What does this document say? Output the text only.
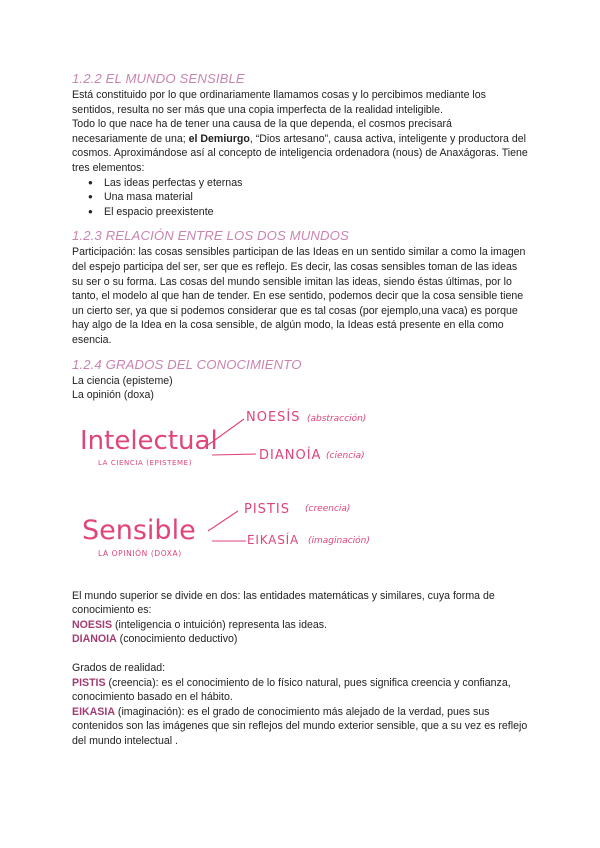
1.2.2 EL MUNDO SENSIBLE

Está constituido por lo que ordinariamente llamamos cosas y lo percibimos mediante los sentidos, resulta no ser más que una copia imperfecta de la realidad inteligible.

Todo lo que nace ha de tener una causa de la que dependa, el cosmos precisará necesariamente de una; el Demiurgo, “Dios artesano”, causa activa, inteligente y productora del cosmos. Aproximándose así al concepto de inteligencia ordenadora (nous) de Anaxágoras. Tiene tres elementos:

● Las ideas perfectas y eternas
● Una masa material
● El espacio preexistente
1.2.3 RELACIÓN ENTRE LOS DOS MUNDOS

Participación: las cosas sensibles participan de las Ideas en un sentido similar a como la imagen del espejo participa del ser, ser que es reflejo. Es decir, las cosas sensibles toman de las ideas su ser o su forma. Las cosas del mundo sensible imitan las ideas, siendo éstas últimas, por lo tanto, el modelo al que han de tender. En ese sentido, podemos decir que la cosa sensible tiene un cierto ser, ya que si podemos considerar que es tal cosas (por ejemplo,una vaca) es porque hay algo de la Idea en la cosa sensible, de algún modo, la Ideas está presente en ella como esencia.

1.2.4 GRADOS DEL CONOCIMIENTO

La ciencia (episteme)

La opinión (doxa)

Intelectual
LA CIENCIA (EPISTEME)
NOESÍS (abstracción)
DIANOÍA (ciencia)
Sensible
LA OPINIÓN (DOXA)
PISTIS (creencia)
EIKASÍA (imaginación)

El mundo superior se divide en dos: las entidades matemáticas y similares, cuya forma de conocimiento es:

NOESIS (inteligencia o intuición) representa las ideas.

DIANOIA (conocimiento deductivo)

Grados de realidad:

PISTIS (creencia): es el conocimiento de lo físico natural, pues significa creencia y confianza, conocimiento basado en el hábito.

EIKASIA (imaginación): es el grado de conocimiento más alejado de la verdad, pues sus contenidos son las imágenes que sin reflejos del mundo exterior sensible, que a su vez es reflejo del mundo intelectual .
